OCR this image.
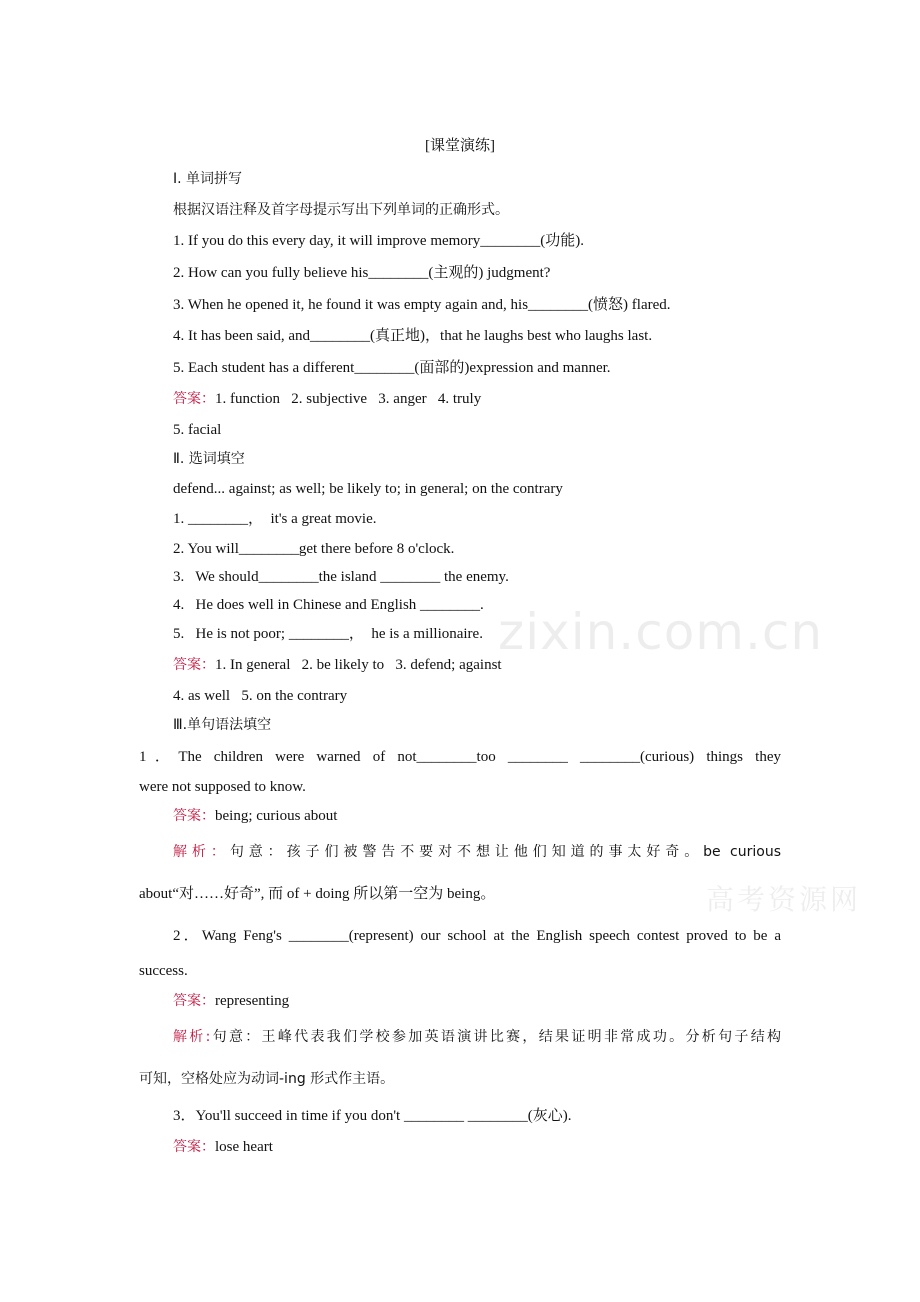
zixin.com.cn
高考资源网
[课堂演练]
Ⅰ. 单词拼写
根据汉语注释及首字母提示写出下列单词的正确形式。
1. If you do this every day, it will improve memory________(功能).
2. How can you fully believe his________(主观的) judgment?
3. When he opened it, he found it was empty again and, his________(愤怒) flared.
4. It has been said, and________(真正地)，that he laughs best who laughs last.
5. Each student has a different________(面部的)expression and manner.
答案：1. function   2. subjective   3. anger   4. truly
5. facial
Ⅱ. 选词填空
defend... against; as well; be likely to; in general; on the contrary
1. ________，  it's a great movie.
2. You will________get there before 8 o'clock.
3.   We should________the island ________ the enemy.
4.   He does well in Chinese and English ________.
5.   He is not poor; ________，  he is a millionaire.
答案：1. In general   2. be likely to   3. defend; against
4. as well   5. on the contrary
Ⅲ.单句语法填空
1．The children were warned of not________too ________ ________(curious) things they
were not supposed to know.
答案：being; curious about
解析：句意：孩子们被警告不要对不想让他们知道的事太好奇。be curious
about“对……好奇”, 而 of + doing 所以第一空为 being。
2．Wang Feng's ________(represent) our school at the English speech contest proved to be a
success.
答案：representing
解析:句意：王峰代表我们学校参加英语演讲比赛，结果证明非常成功。分析句子结构
可知，空格处应为动词-ing 形式作主语。
3．You'll succeed in time if you don't ________ ________(灰心).
答案：lose heart
